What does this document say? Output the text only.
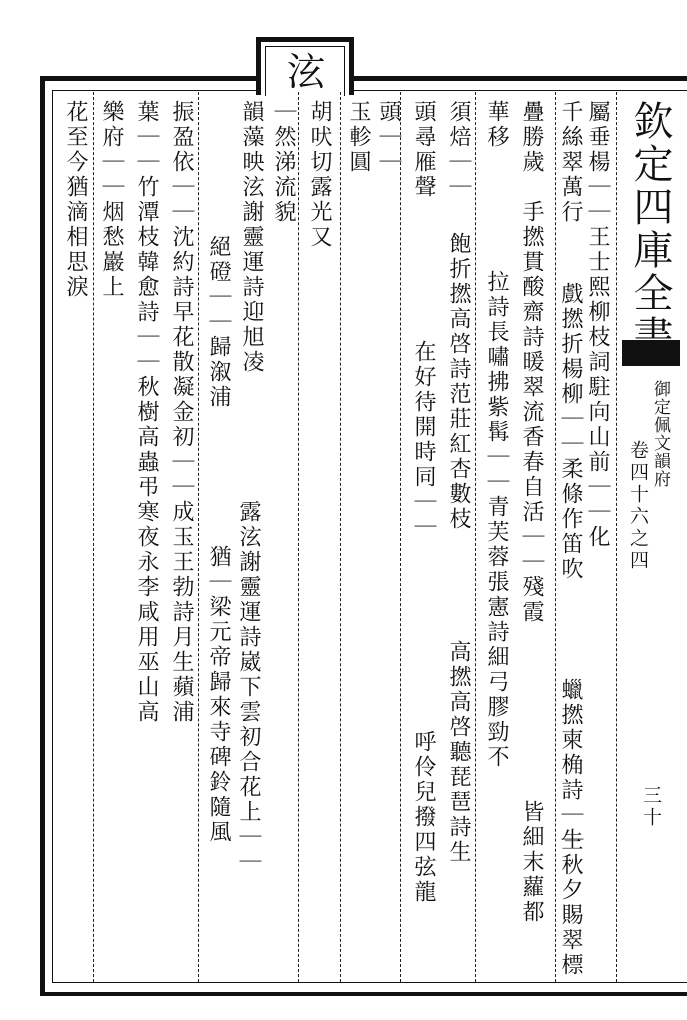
泫
欽定四庫全書
御定佩文韻府
卷四十六之四
三十
屬垂楊｜｜王士熙柳枝詞駐向山前｜｜化
千絲翠萬行
戲撚折楊柳｜｜柔條作笛吹
蠟撚柬桷詩｜｜
生秋夕賜翠標
疊勝歲
手撚貫酸齋詩暖翠流香春自活｜｜殘霞
皆細末蘿都
華移
拉詩長嘯拂紫髯｜｜青芙蓉張憲詩細弓膠勁不
須焙｜｜
飽折撚高啓詩范莊紅杏數枝
高撚高啓聽琵琶詩生
頭尋雁聲
在好待開時同｜｜
呼伶兒撥四弦龍
頭｜｜
玉軫圓
胡吠切露光又
｜然涕流貌
韻藻映泫謝靈運詩迎旭凌
絕磴｜｜歸溆浦
露泫謝靈運詩崴下雲初合花上｜｜
猶｜梁元帝歸來寺碑鈴隨風
振盈依｜｜沈約詩早花散凝金初｜｜成玉王勃詩月生蘋浦
葉｜｜竹潭枝韓愈詩｜｜秋樹高蟲弔寒夜永李咸用巫山高
樂府｜｜烟愁巖上
花至今猶滴相思淚
